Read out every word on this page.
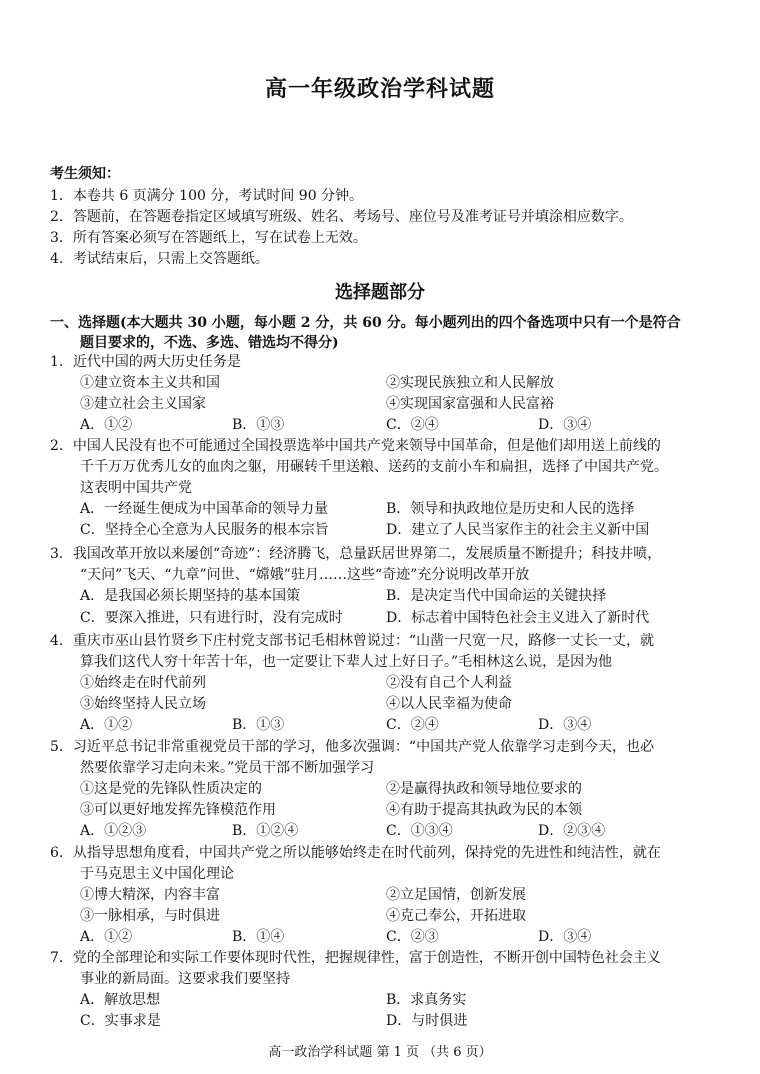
高一年级政治学科试题
考生须知：
1．本卷共 6 页满分 100 分，考试时间 90 分钟。
2．答题前，在答题卷指定区域填写班级、姓名、考场号、座位号及准考证号并填涂相应数字。
3．所有答案必须写在答题纸上，写在试卷上无效。
4．考试结束后，只需上交答题纸。
选择题部分
一、选择题(本大题共 30 小题，每小题 2 分，共 60 分。每小题列出的四个备选项中只有一个是符合
题目要求的，不选、多选、错选均不得分)
1．近代中国的两大历史任务是
①建立资本主义共和国	②实现民族独立和人民解放
③建立社会主义国家	④实现国家富强和人民富裕
A．①②	B．①③	C．②④	D．③④
2．中国人民没有也不可能通过全国投票选举中国共产党来领导中国革命，但是他们却用送上前线的
千千万万优秀儿女的血肉之躯，用碾转千里送粮、送药的支前小车和扁担，选择了中国共产党。
这表明中国共产党
A．一经诞生便成为中国革命的领导力量	B．领导和执政地位是历史和人民的选择
C．坚持全心全意为人民服务的根本宗旨	D．建立了人民当家作主的社会主义新中国
3．我国改革开放以来屡创“奇迹”：经济腾飞，总量跃居世界第二，发展质量不断提升；科技井喷，
“天问”飞天、“九章”问世、“嫦娥”驻月……这些“奇迹”充分说明改革开放
A．是我国必须长期坚持的基本国策	B．是决定当代中国命运的关键抉择
C．要深入推进，只有进行时，没有完成时	D．标志着中国特色社会主义进入了新时代
4．重庆市巫山县竹贤乡下庄村党支部书记毛相林曾说过：“山凿一尺宽一尺，路修一丈长一丈，就
算我们这代人穷十年苦十年，也一定要让下辈人过上好日子。”毛相林这么说，是因为他
①始终走在时代前列	②没有自己个人利益
③始终坚持人民立场	④以人民幸福为使命
A．①②	B．①③	C．②④	D．③④
5．习近平总书记非常重视党员干部的学习，他多次强调：“中国共产党人依靠学习走到今天，也必
然要依靠学习走向未来。”党员干部不断加强学习
①这是党的先锋队性质决定的	②是赢得执政和领导地位要求的
③可以更好地发挥先锋模范作用	④有助于提高其执政为民的本领
A．①②③	B．①②④	C．①③④	D．②③④
6．从指导思想角度看，中国共产党之所以能够始终走在时代前列，保持党的先进性和纯洁性，就在
于马克思主义中国化理论
①博大精深，内容丰富	②立足国情，创新发展
③一脉相承，与时俱进	④克己奉公，开拓进取
A．①②	B．①④	C．②③	D．③④
7．党的全部理论和实际工作要体现时代性，把握规律性，富于创造性，不断开创中国特色社会主义
事业的新局面。这要求我们要坚持
A．解放思想	B．求真务实
C．实事求是	D．与时俱进
高一政治学科试题 第 1 页 （共 6 页）
